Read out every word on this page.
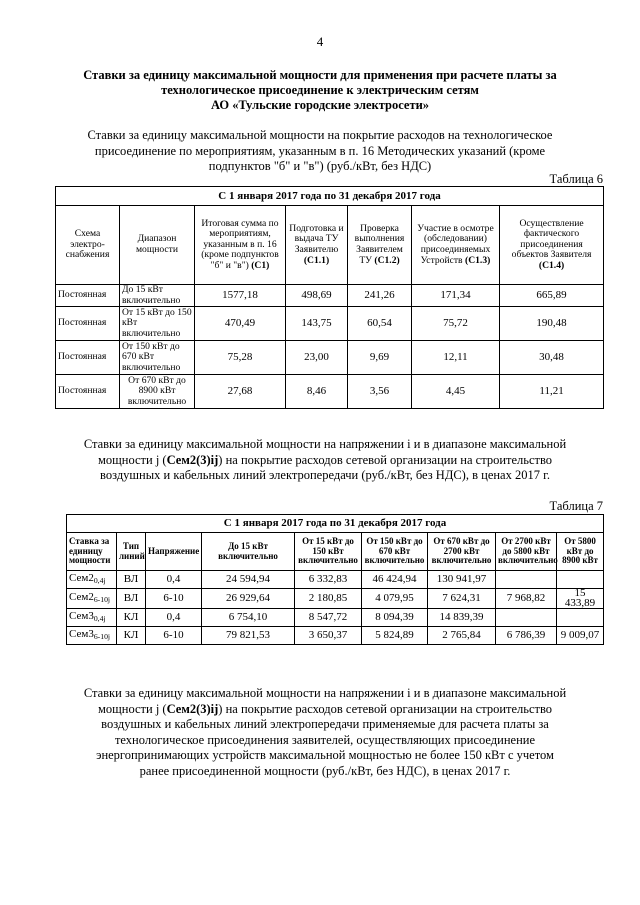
4
Ставки за единицу максимальной мощности для применения при расчете платы за
технологическое присоединение к электрическим сетям
АО «Тульские городские электросети»
Ставки за единицу максимальной мощности на покрытие расходов на технологическое
присоединение по мероприятиям, указанным в п. 16 Методических указаний (кроме
подпунктов "б" и "в") (руб./кВт, без НДС)
Таблица 6
С 1 января 2017 года по 31 декабря 2017 года						
Схема электро-снабжения	Диапазон мощности	Итоговая сумма по мероприятиям, указанным в п. 16 (кроме подпунктов "б" и "в") (С1)	Подготовка и выдача ТУ Заявителю (С1.1)	Проверка выполнения Заявителем ТУ (С1.2)	Участие в осмотре (обследовании) присоединяемых Устройств (С1.3)	Осуществление фактического присоединения объектов Заявителя (С1.4)
Постоянная	До 15 кВт включительно	1577,18	498,69	241,26	171,34	665,89
Постоянная	От 15 кВт до 150 кВт включительно	470,49	143,75	60,54	75,72	190,48
Постоянная	От 150 кВт до 670 кВт включительно	75,28	23,00	9,69	12,11	30,48
Постоянная	От 670 кВт до 8900 кВт включительно	27,68	8,46	3,56	4,45	11,21
Ставки за единицу максимальной мощности на напряжении i и в диапазоне максимальной
мощности j (Сем2(3)ij) на покрытие расходов сетевой организации на строительство
воздушных и кабельных линий электропередачи (руб./кВт, без НДС), в ценах 2017 г.
Таблица 7
С 1 января 2017 года по 31 декабря 2017 года								
Ставка за единицу мощности	Тип линий	Напряжение	До 15 кВт включительно	От 15 кВт до 150 кВт включительно	От 150 кВт до 670 кВт включительно	От 670 кВт до 2700 кВт включительно	От 2700 кВт до 5800 кВт включительно	От 5800 кВт до 8900 кВт
$Сем2_{0,4j}$	ВЛ	0,4	24 594,94	6 332,83	46 424,94	130 941,97		
$Сем2_{6-10j}$	ВЛ	6-10	26 929,64	2 180,85	4 079,95	7 624,31	7 968,82	15 433,89
$Сем3_{0,4j}$	КЛ	0,4	6 754,10	8 547,72	8 094,39	14 839,39		
$Сем3_{6-10j}$	КЛ	6-10	79 821,53	3 650,37	5 824,89	2 765,84	6 786,39	9 009,07
Ставки за единицу максимальной мощности на напряжении i и в диапазоне максимальной
мощности j (Сем2(3)ij) на покрытие расходов сетевой организации на строительство
воздушных и кабельных линий электропередачи применяемые для расчета платы за
технологическое присоединения заявителей, осуществляющих присоединение
энергопринимающих устройств максимальной мощностью не более 150 кВт с учетом
ранее присоединенной мощности (руб./кВт, без НДС), в ценах 2017 г.
